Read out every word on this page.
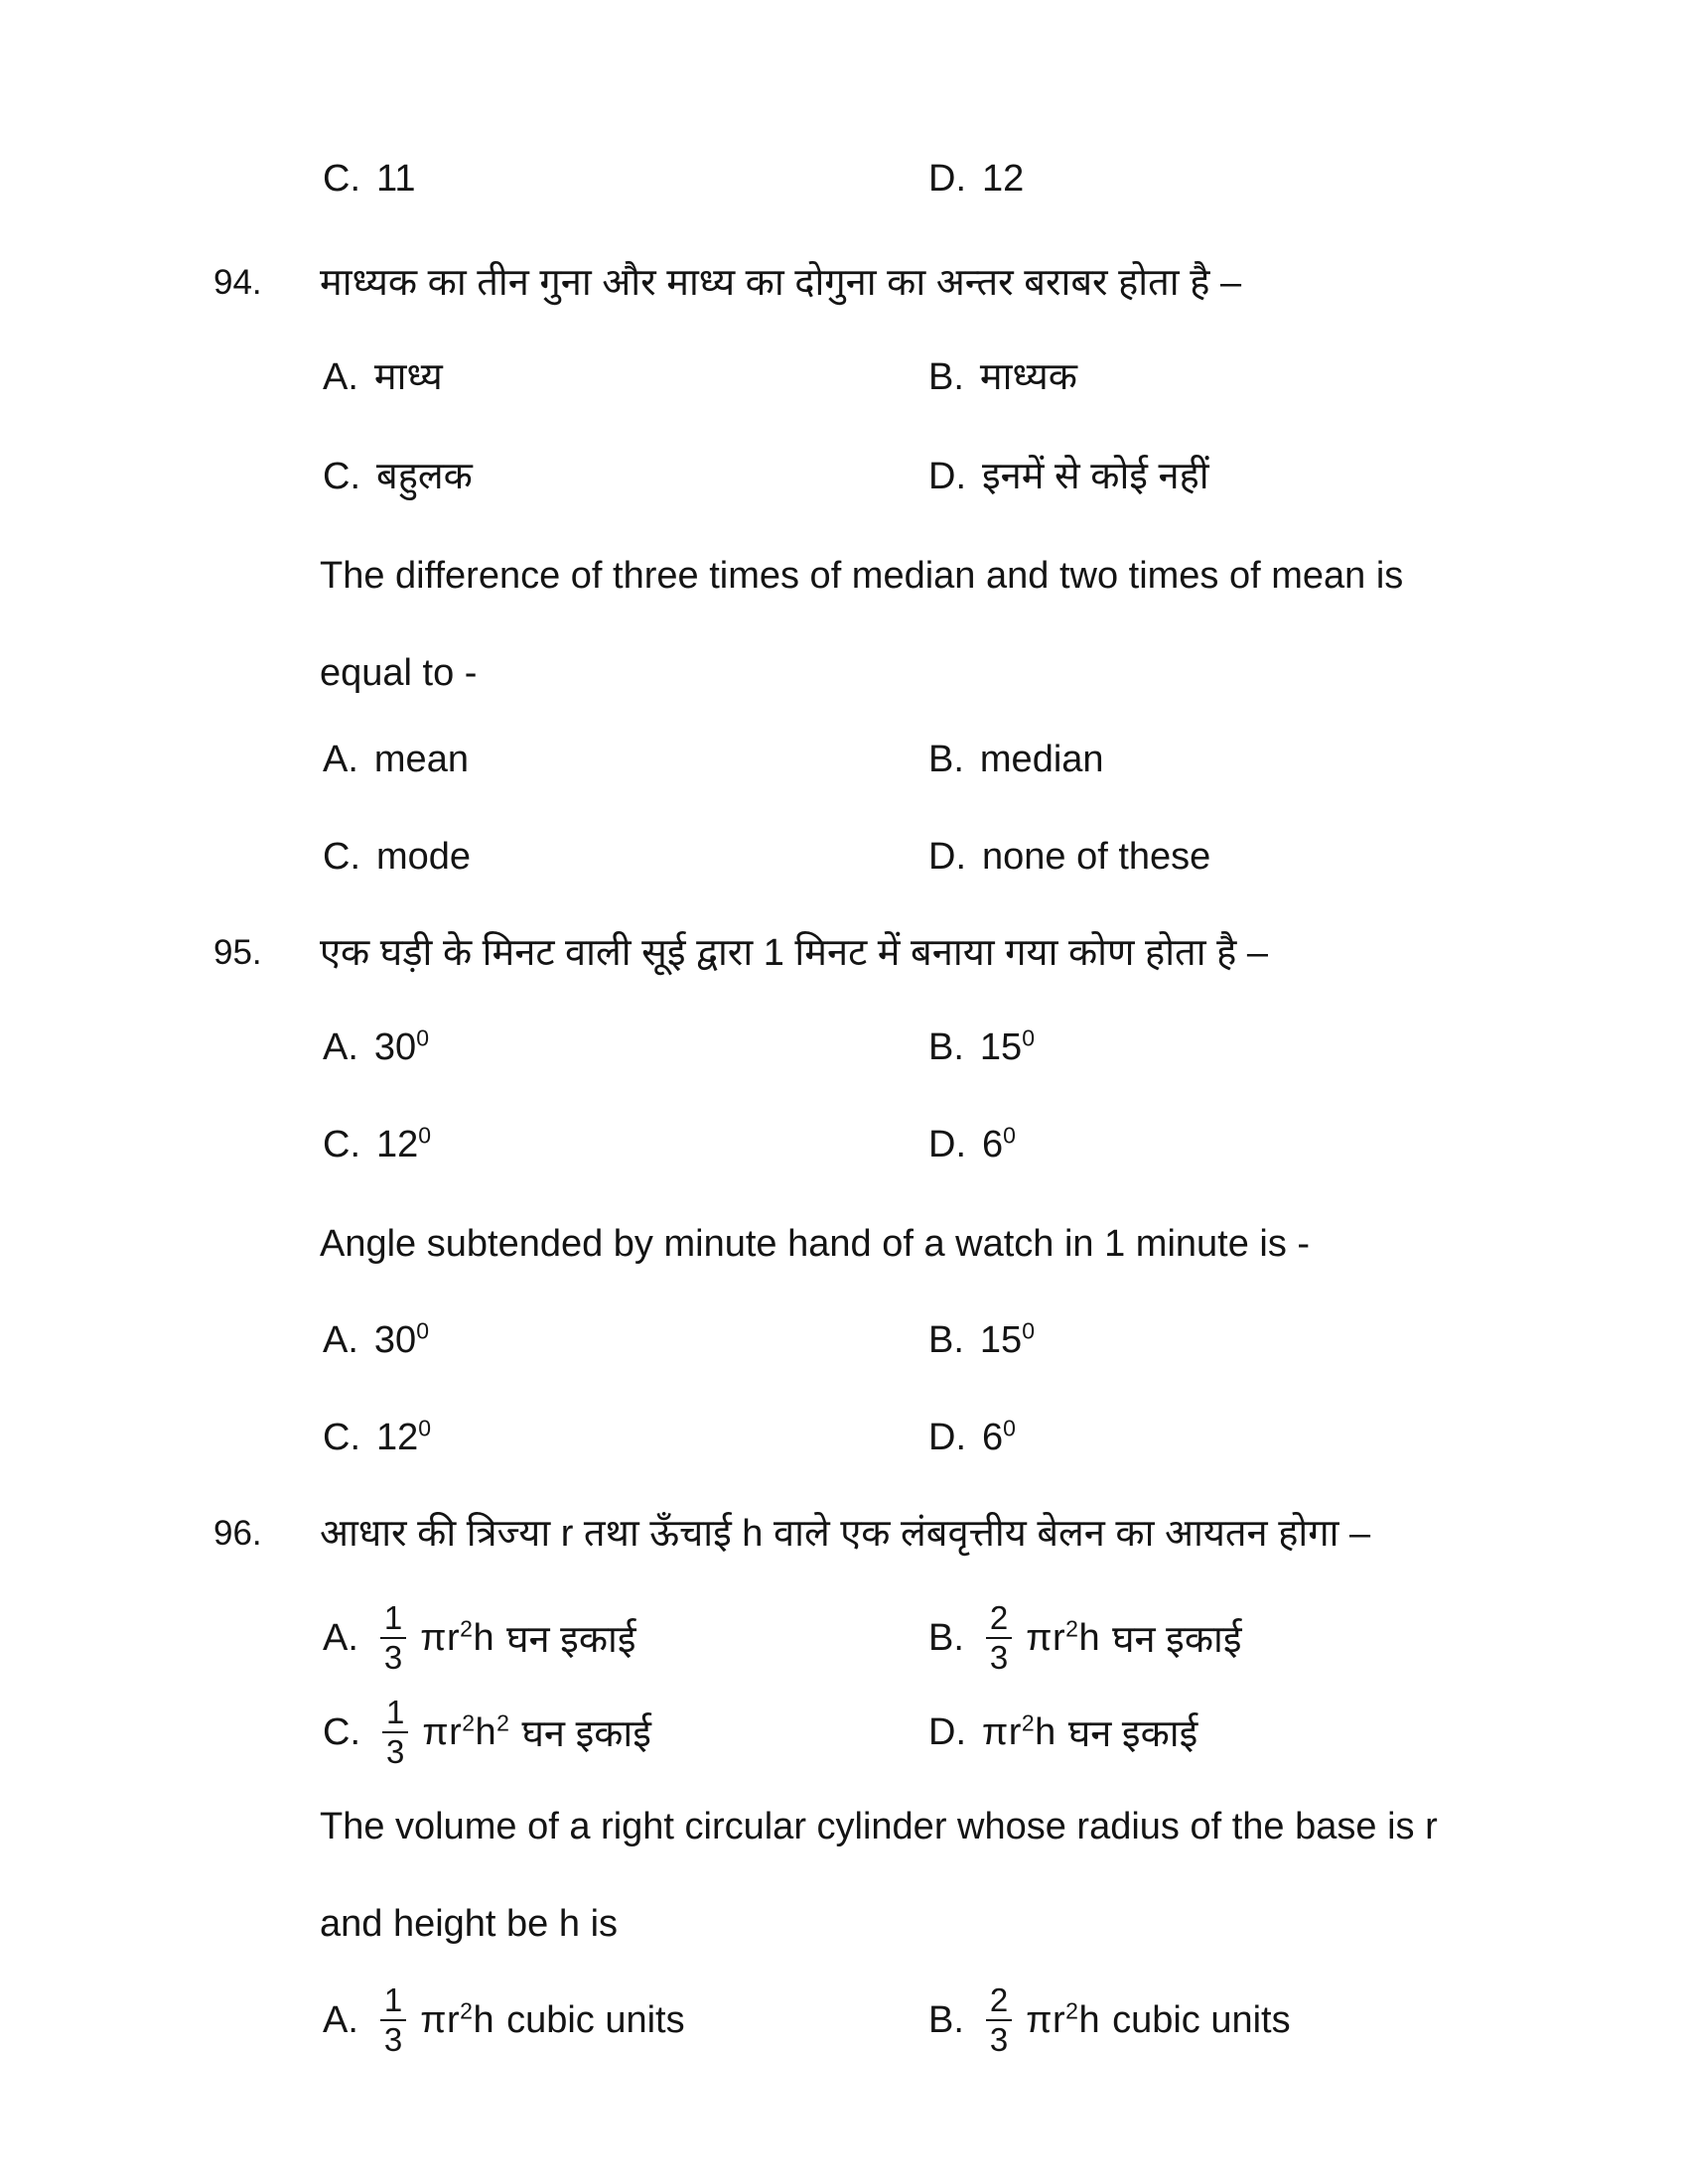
C. 11	D. 12
94. माध्यक का तीन गुना और माध्य का दोगुना का अन्तर बराबर होता है –
A. माध्य	B. माध्यक
C. बहुलक	D. इनमें से कोई नहीं
The difference of three times of median and two times of mean is
equal to -
A. mean	B. median
C. mode	D. none of these
95. एक घड़ी के मिनट वाली सूई द्वारा 1 मिनट में बनाया गया कोण होता है –
A. $30^0$	B. $15^0$
C. $12^0$	D. $6^0$
Angle subtended by minute hand of a watch in 1 minute is -
A. $30^0$	B. $15^0$
C. $12^0$	D. $6^0$
96. आधार की त्रिज्या r तथा ऊँचाई h वाले एक लंबवृत्तीय बेलन का आयतन होगा –
A. $\frac{1}{3} \pi r^2h$ घन इकाई	B. $\frac{2}{3} \pi r^2h$ घन इकाई
C. $\frac{1}{3} \pi r^2h^2$ घन इकाई	D. $\pi r^2h$ घन इकाई
The volume of a right circular cylinder whose radius of the base is r
and height be h is
A. $\frac{1}{3} \pi r^2h$ cubic units	B. $\frac{2}{3} \pi r^2h$ cubic units
